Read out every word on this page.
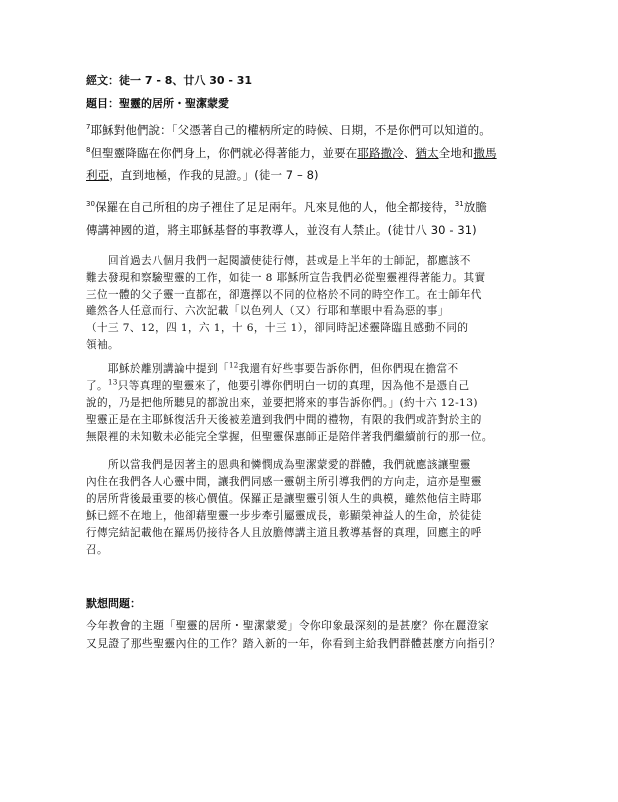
經文：徒一 7 - 8、廿八 30 - 31
題目：聖靈的居所・聖潔蒙愛
$^7$耶穌對他們說：「父憑著自己的權柄所定的時候、日期，不是你們可以知道的。
$^8$但聖靈降臨在你們身上，你們就必得著能力，並要在耶路撒冷、猶太全地和撒馬
利亞，直到地極，作我的見證。」(徒一 7 – 8)
$^{30}$保羅在自己所租的房子裡住了足足兩年。凡來見他的人，他全都接待，$^{31}$放膽
傳講神國的道，將主耶穌基督的事教導人，並沒有人禁止。(徒廿八 30 - 31)
回首過去八個月我們一起閱讀使徒行傳，甚或是上半年的士師記，都應該不
難去發現和察驗聖靈的工作，如徒一 8 耶穌所宣告我們必從聖靈裡得著能力。其實
三位一體的父子靈一直都在，卻選擇以不同的位格於不同的時空作工。在士師年代
雖然各人任意而行、六次記載「以色列人（又）行耶和華眼中看為惡的事」
（十三 7、12，四 1，六 1，十 6，十三 1），卻同時記述靈降臨且感動不同的
領袖。
耶穌於離別講論中提到「$^{12}$我還有好些事要告訴你們，但你們現在擔當不
了。$^{13}$只等真理的聖靈來了，他要引導你們明白一切的真理，因為他不是憑自己
說的，乃是把他所聽見的都說出來，並要把將來的事告訴你們。」(約十六 12-13)
聖靈正是在主耶穌復活升天後被差遣到我們中間的禮物，有限的我們或許對於主的
無限裡的未知數未必能完全掌握，但聖靈保惠師正是陪伴著我們繼續前行的那一位。
所以當我們是因著主的恩典和憐憫成為聖潔蒙愛的群體，我們就應該讓聖靈
內住在我們各人心靈中間，讓我們同感一靈朝主所引導我們的方向走，這亦是聖靈
的居所背後最重要的核心價值。保羅正是讓聖靈引領人生的典模，雖然他信主時耶
穌已經不在地上，他卻藉聖靈一步步牽引屬靈成長，彰顯榮神益人的生命，於徒徒
行傳完結記載他在羅馬仍接待各人且放膽傳講主道且教導基督的真理，回應主的呼
召。
默想問題：
今年教會的主題「聖靈的居所・聖潔蒙愛」令你印象最深刻的是甚麼？你在麗澄家
又見證了那些聖靈內住的工作？踏入新的一年，你看到主給我們群體甚麼方向指引？
